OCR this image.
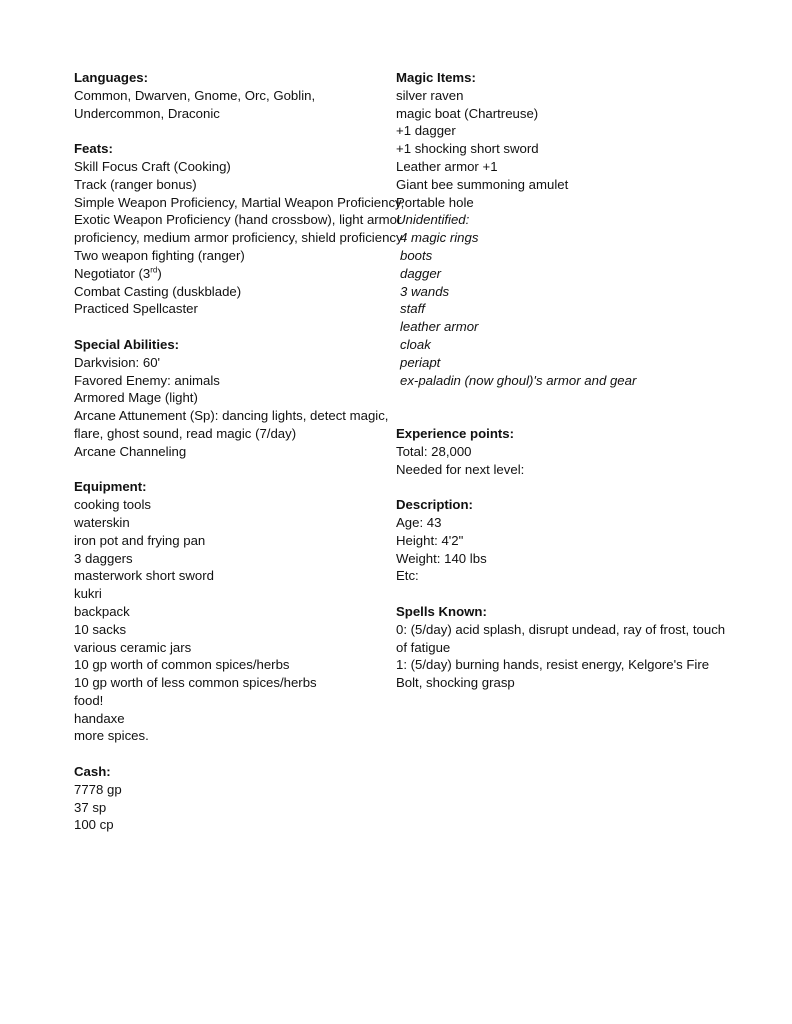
Languages:
Common, Dwarven, Gnome, Orc, Goblin,
Undercommon, Draconic
Feats:
Skill Focus Craft (Cooking)
Track (ranger bonus)
Simple Weapon Proficiency, Martial Weapon Proficiency,
Exotic Weapon Proficiency (hand crossbow), light armor
proficiency, medium armor proficiency, shield proficiency
Two weapon fighting (ranger)
Negotiator (3rd)
Combat Casting (duskblade)
Practiced Spellcaster
Special Abilities:
Darkvision: 60'
Favored Enemy: animals
Armored Mage (light)
Arcane Attunement (Sp): dancing lights, detect magic,
flare, ghost sound, read magic (7/day)
Arcane Channeling
Equipment:
cooking tools
waterskin
iron pot and frying pan
3 daggers
masterwork short sword
kukri
backpack
10 sacks
various ceramic jars
10 gp worth of common spices/herbs
10 gp worth of less common spices/herbs
food!
handaxe
more spices.
Cash:
7778 gp
37 sp
100 cp
Magic Items:
silver raven
magic boat (Chartreuse)
+1 dagger
+1 shocking short sword
Leather armor +1
Giant bee summoning amulet
Portable hole
Unidentified:
4 magic rings
boots
dagger
3 wands
staff
leather armor
cloak
periapt
ex-paladin (now ghoul)'s armor and gear
Experience points:
Total: 28,000
Needed for next level:
Description:
Age: 43
Height: 4'2"
Weight: 140 lbs
Etc:
Spells Known:
0: (5/day) acid splash, disrupt undead, ray of frost, touch
of fatigue
1: (5/day) burning hands, resist energy, Kelgore's Fire
Bolt, shocking grasp
